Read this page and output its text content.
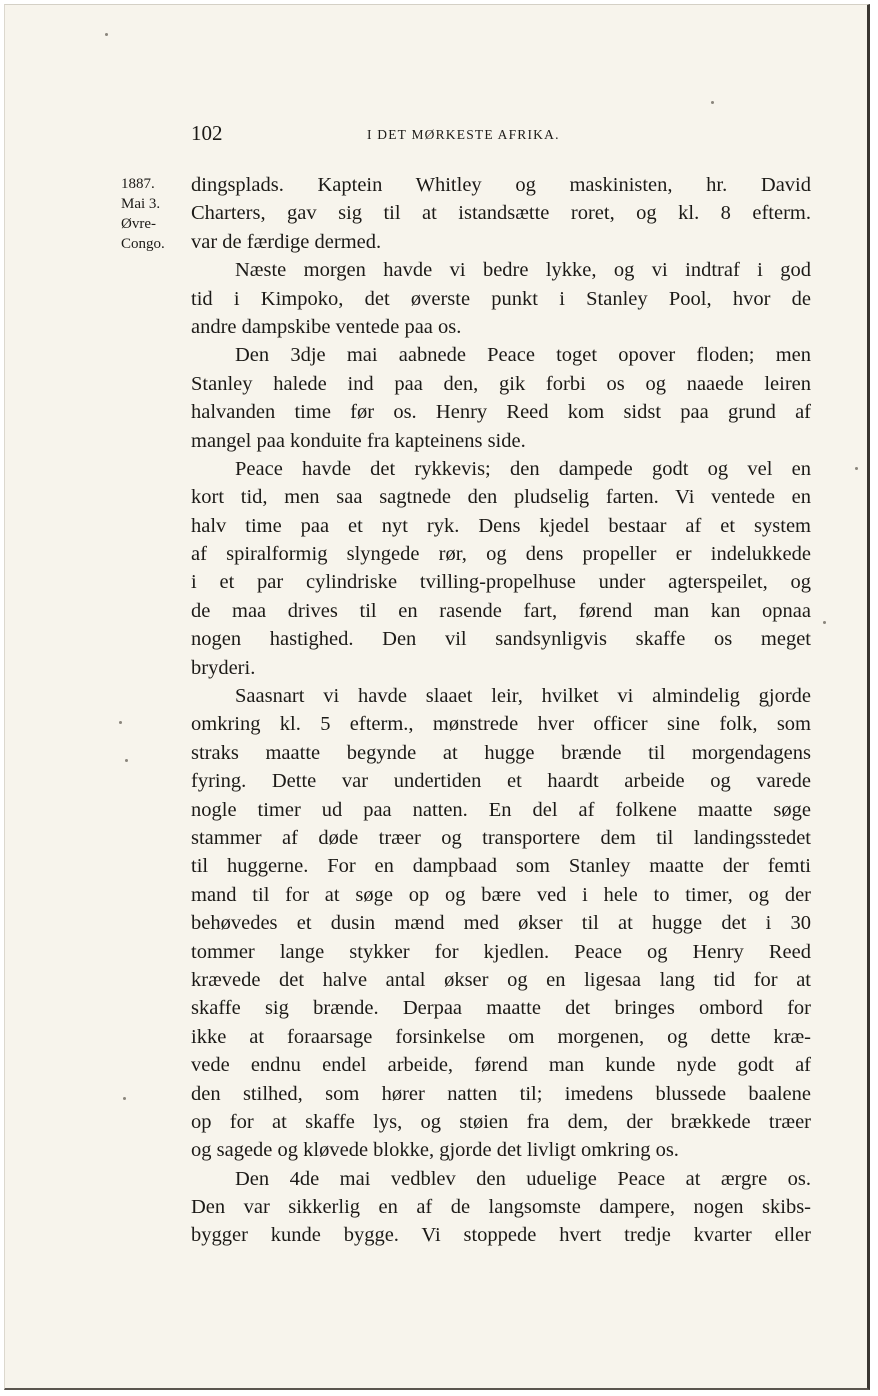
102	I DET MØRKESTE AFRIKA.
1887.
Mai 3.
Øvre-
Congo.
dingsplads. Kaptein Whitley og maskinisten, hr. David
Charters, gav sig til at istandsætte roret, og kl. 8 efterm.
var de færdige dermed.
Næste morgen havde vi bedre lykke, og vi indtraf i god
tid i Kimpoko, det øverste punkt i Stanley Pool, hvor de
andre dampskibe ventede paa os.
Den 3dje mai aabnede Peace toget opover floden; men
Stanley halede ind paa den, gik forbi os og naaede leiren
halvanden time før os. Henry Reed kom sidst paa grund af
mangel paa konduite fra kapteinens side.
Peace havde det rykkevis; den dampede godt og vel en
kort tid, men saa sagtnede den pludselig farten. Vi ventede en
halv time paa et nyt ryk. Dens kjedel bestaar af et system
af spiralformig slyngede rør, og dens propeller er indelukkede
i et par cylindriske tvilling-propelhuse under agterspeilet, og
de maa drives til en rasende fart, førend man kan opnaa
nogen hastighed. Den vil sandsynligvis skaffe os meget
bryderi.
Saasnart vi havde slaaet leir, hvilket vi almindelig gjorde
omkring kl. 5 efterm., mønstrede hver officer sine folk, som
straks maatte begynde at hugge brænde til morgendagens
fyring. Dette var undertiden et haardt arbeide og varede
nogle timer ud paa natten. En del af folkene maatte søge
stammer af døde træer og transportere dem til landingsstedet
til huggerne. For en dampbaad som Stanley maatte der femti
mand til for at søge op og bære ved i hele to timer, og der
behøvedes et dusin mænd med økser til at hugge det i 30
tommer lange stykker for kjedlen. Peace og Henry Reed
krævede det halve antal økser og en ligesaa lang tid for at
skaffe sig brænde. Derpaa maatte det bringes ombord for
ikke at foraarsage forsinkelse om morgenen, og dette kræ-
vede endnu endel arbeide, førend man kunde nyde godt af
den stilhed, som hører natten til; imedens blussede baalene
op for at skaffe lys, og støien fra dem, der brækkede træer
og sagede og kløvede blokke, gjorde det livligt omkring os.
Den 4de mai vedblev den uduelige Peace at ærgre os.
Den var sikkerlig en af de langsomste dampere, nogen skibs-
bygger kunde bygge. Vi stoppede hvert tredje kvarter eller
